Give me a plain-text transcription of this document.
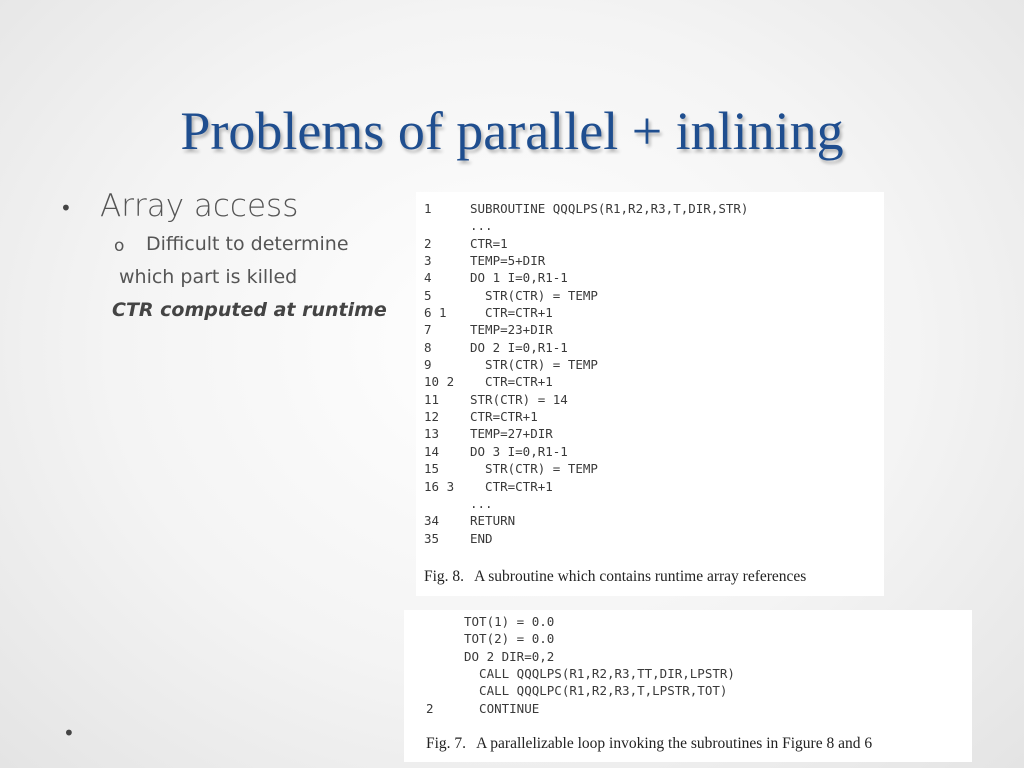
Problems of parallel + inlining
• Array access
o Difficult to determine
which part is killed
CTR computed at runtime
1	SUBROUTINE QQQLPS(R1,R2,R3,T,DIR,STR)
...
2	CTR=1
3	TEMP=5+DIR
4	DO 1 I=0,R1-1
5	STR(CTR) = TEMP
6 1  CTR=CTR+1
7	TEMP=23+DIR
8	DO 2 I=0,R1-1
9	STR(CTR) = TEMP
10 2  CTR=CTR+1
11 STR(CTR) = 14
12 CTR=CTR+1
13 TEMP=27+DIR
14 DO 3 I=0,R1-1
15  STR(CTR) = TEMP
16 3  CTR=CTR+1
...
34 RETURN
35 END
Fig. 8. A subroutine which contains runtime array references
TOT(1) = 0.0
TOT(2) = 0.0
DO 2 DIR=0,2
CALL QQQLPS(R1,R2,R3,TT,DIR,LPSTR)
CALL QQQLPC(R1,R2,R3,T,LPSTR,TOT)
2  CONTINUE
Fig. 7. A parallelizable loop invoking the subroutines in Figure 8 and 6
•
